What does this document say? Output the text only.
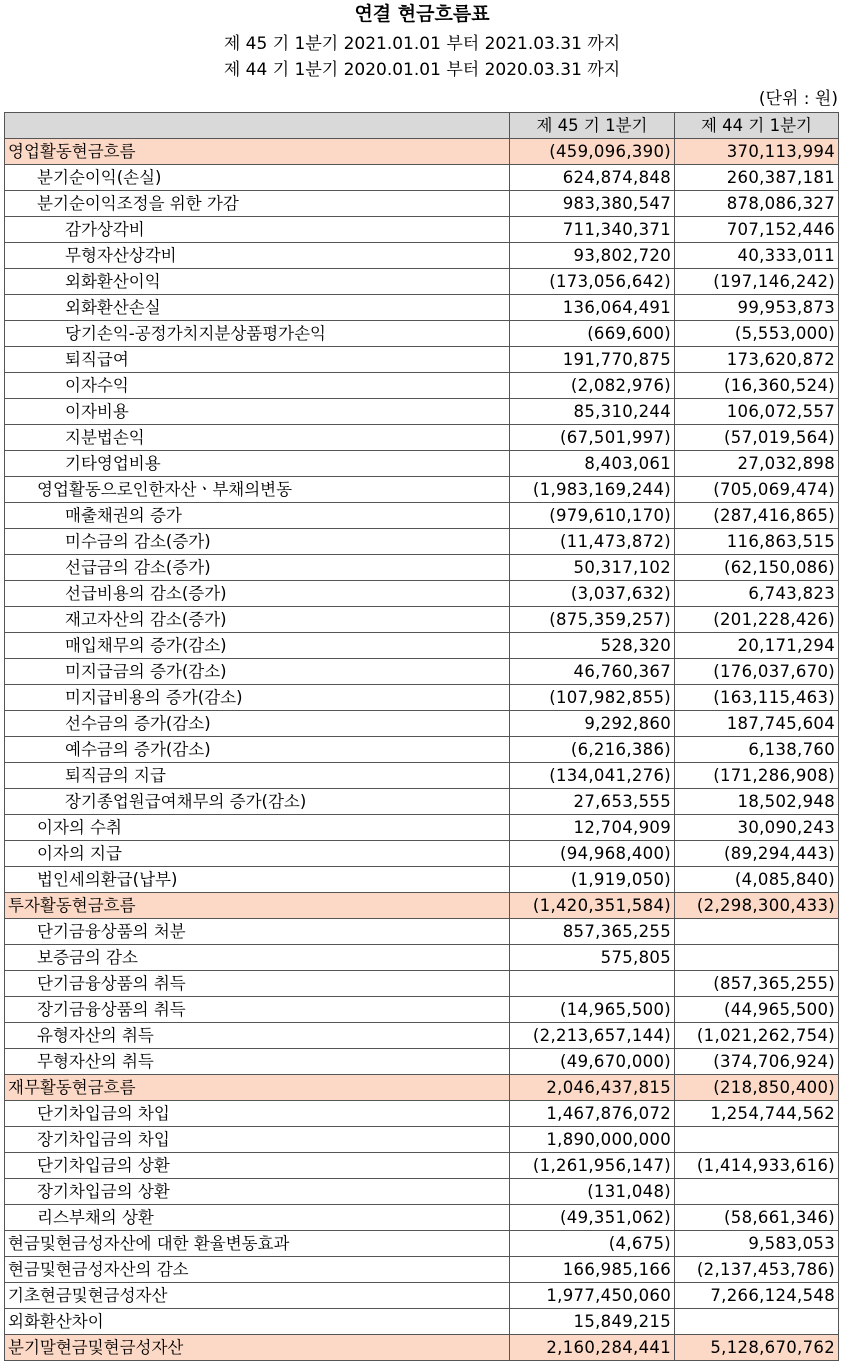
연결 현금흐름표
제 45 기 1분기 2021.01.01 부터 2021.03.31 까지
제 44 기 1분기 2020.01.01 부터 2020.03.31 까지
(단위 : 원)
	제 45 기 1분기	제 44 기 1분기
영업활동현금흐름	(459,096,390)	370,113,994
분기순이익(손실)	624,874,848	260,387,181
분기순이익조정을 위한 가감	983,380,547	878,086,327
감가상각비	711,340,371	707,152,446
무형자산상각비	93,802,720	40,333,011
외화환산이익	(173,056,642)	(197,146,242)
외화환산손실	136,064,491	99,953,873
당기손익-공정가치지분상품평가손익	(669,600)	(5,553,000)
퇴직급여	191,770,875	173,620,872
이자수익	(2,082,976)	(16,360,524)
이자비용	85,310,244	106,072,557
지분법손익	(67,501,997)	(57,019,564)
기타영업비용	8,403,061	27,032,898
영업활동으로인한자산ㆍ부채의변동	(1,983,169,244)	(705,069,474)
매출채권의 증가	(979,610,170)	(287,416,865)
미수금의 감소(증가)	(11,473,872)	116,863,515
선급금의 감소(증가)	50,317,102	(62,150,086)
선급비용의 감소(증가)	(3,037,632)	6,743,823
재고자산의 감소(증가)	(875,359,257)	(201,228,426)
매입채무의 증가(감소)	528,320	20,171,294
미지급금의 증가(감소)	46,760,367	(176,037,670)
미지급비용의 증가(감소)	(107,982,855)	(163,115,463)
선수금의 증가(감소)	9,292,860	187,745,604
예수금의 증가(감소)	(6,216,386)	6,138,760
퇴직금의 지급	(134,041,276)	(171,286,908)
장기종업원급여채무의 증가(감소)	27,653,555	18,502,948
이자의 수취	12,704,909	30,090,243
이자의 지급	(94,968,400)	(89,294,443)
법인세의환급(납부)	(1,919,050)	(4,085,840)
투자활동현금흐름	(1,420,351,584)	(2,298,300,433)
단기금융상품의 처분	857,365,255	
보증금의 감소	575,805	
단기금융상품의 취득		(857,365,255)
장기금융상품의 취득	(14,965,500)	(44,965,500)
유형자산의 취득	(2,213,657,144)	(1,021,262,754)
무형자산의 취득	(49,670,000)	(374,706,924)
재무활동현금흐름	2,046,437,815	(218,850,400)
단기차입금의 차입	1,467,876,072	1,254,744,562
장기차입금의 차입	1,890,000,000	
단기차입금의 상환	(1,261,956,147)	(1,414,933,616)
장기차입금의 상환	(131,048)	
리스부채의 상환	(49,351,062)	(58,661,346)
현금및현금성자산에 대한 환율변동효과	(4,675)	9,583,053
현금및현금성자산의 감소	166,985,166	(2,137,453,786)
기초현금및현금성자산	1,977,450,060	7,266,124,548
외화환산차이	15,849,215	
분기말현금및현금성자산	2,160,284,441	5,128,670,762
